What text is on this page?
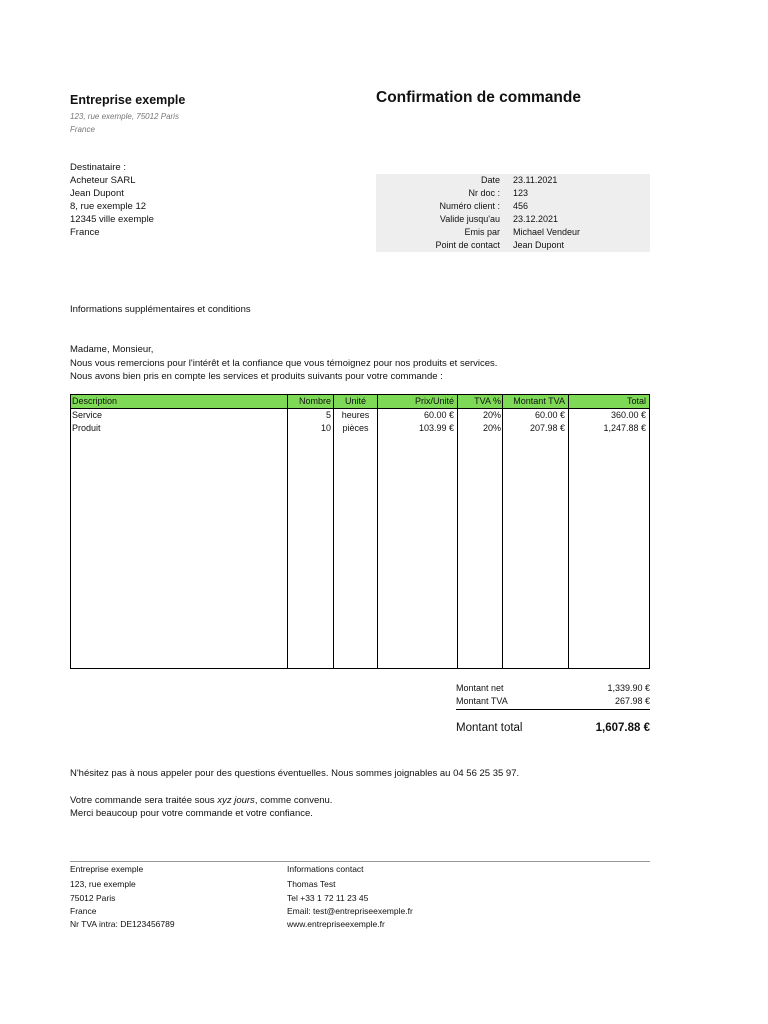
Entreprise exemple
123, rue exemple, 75012 Paris
France
Confirmation de commande
Destinataire :
Acheteur SARL
Jean Dupont
8, rue exemple 12
12345 ville exemple
France
Date 23.11.2021
Nr doc : 123
Numéro client : 456
Valide jusqu'au 23.12.2021
Emis par Michael Vendeur
Point de contact Jean Dupont
Informations supplémentaires et conditions
Madame, Monsieur,
Nous vous remercions pour l'intérêt et la confiance que vous témoignez pour nos produits et services.
Nous avons bien pris en compte les services et produits suivants pour votre commande :
Description	Nombre	Unité	Prix/Unité	TVA %	Montant TVA	Total
Service	5	heures	60.00 €	20%	60.00 €	360.00 €
Produit	10	pièces	103.99 €	20%	207.98 €	1,247.88 €
Montant net	1,339.90 €
Montant TVA	267.98 €
Montant total	1,607.88 €
N'hésitez pas à nous appeler pour des questions éventuelles. Nous sommes joignables au 04 56 25 35 97.
Votre commande sera traitée sous xyz jours, comme convenu.
Merci beaucoup pour votre commande et votre confiance.
Entreprise exemple
123, rue exemple
75012 Paris
France
Nr TVA intra: DE123456789
Informations contact
Thomas Test
Tel +33 1 72 11 23 45
Email: test@entrepriseexemple.fr
www.entrepriseexemple.fr
